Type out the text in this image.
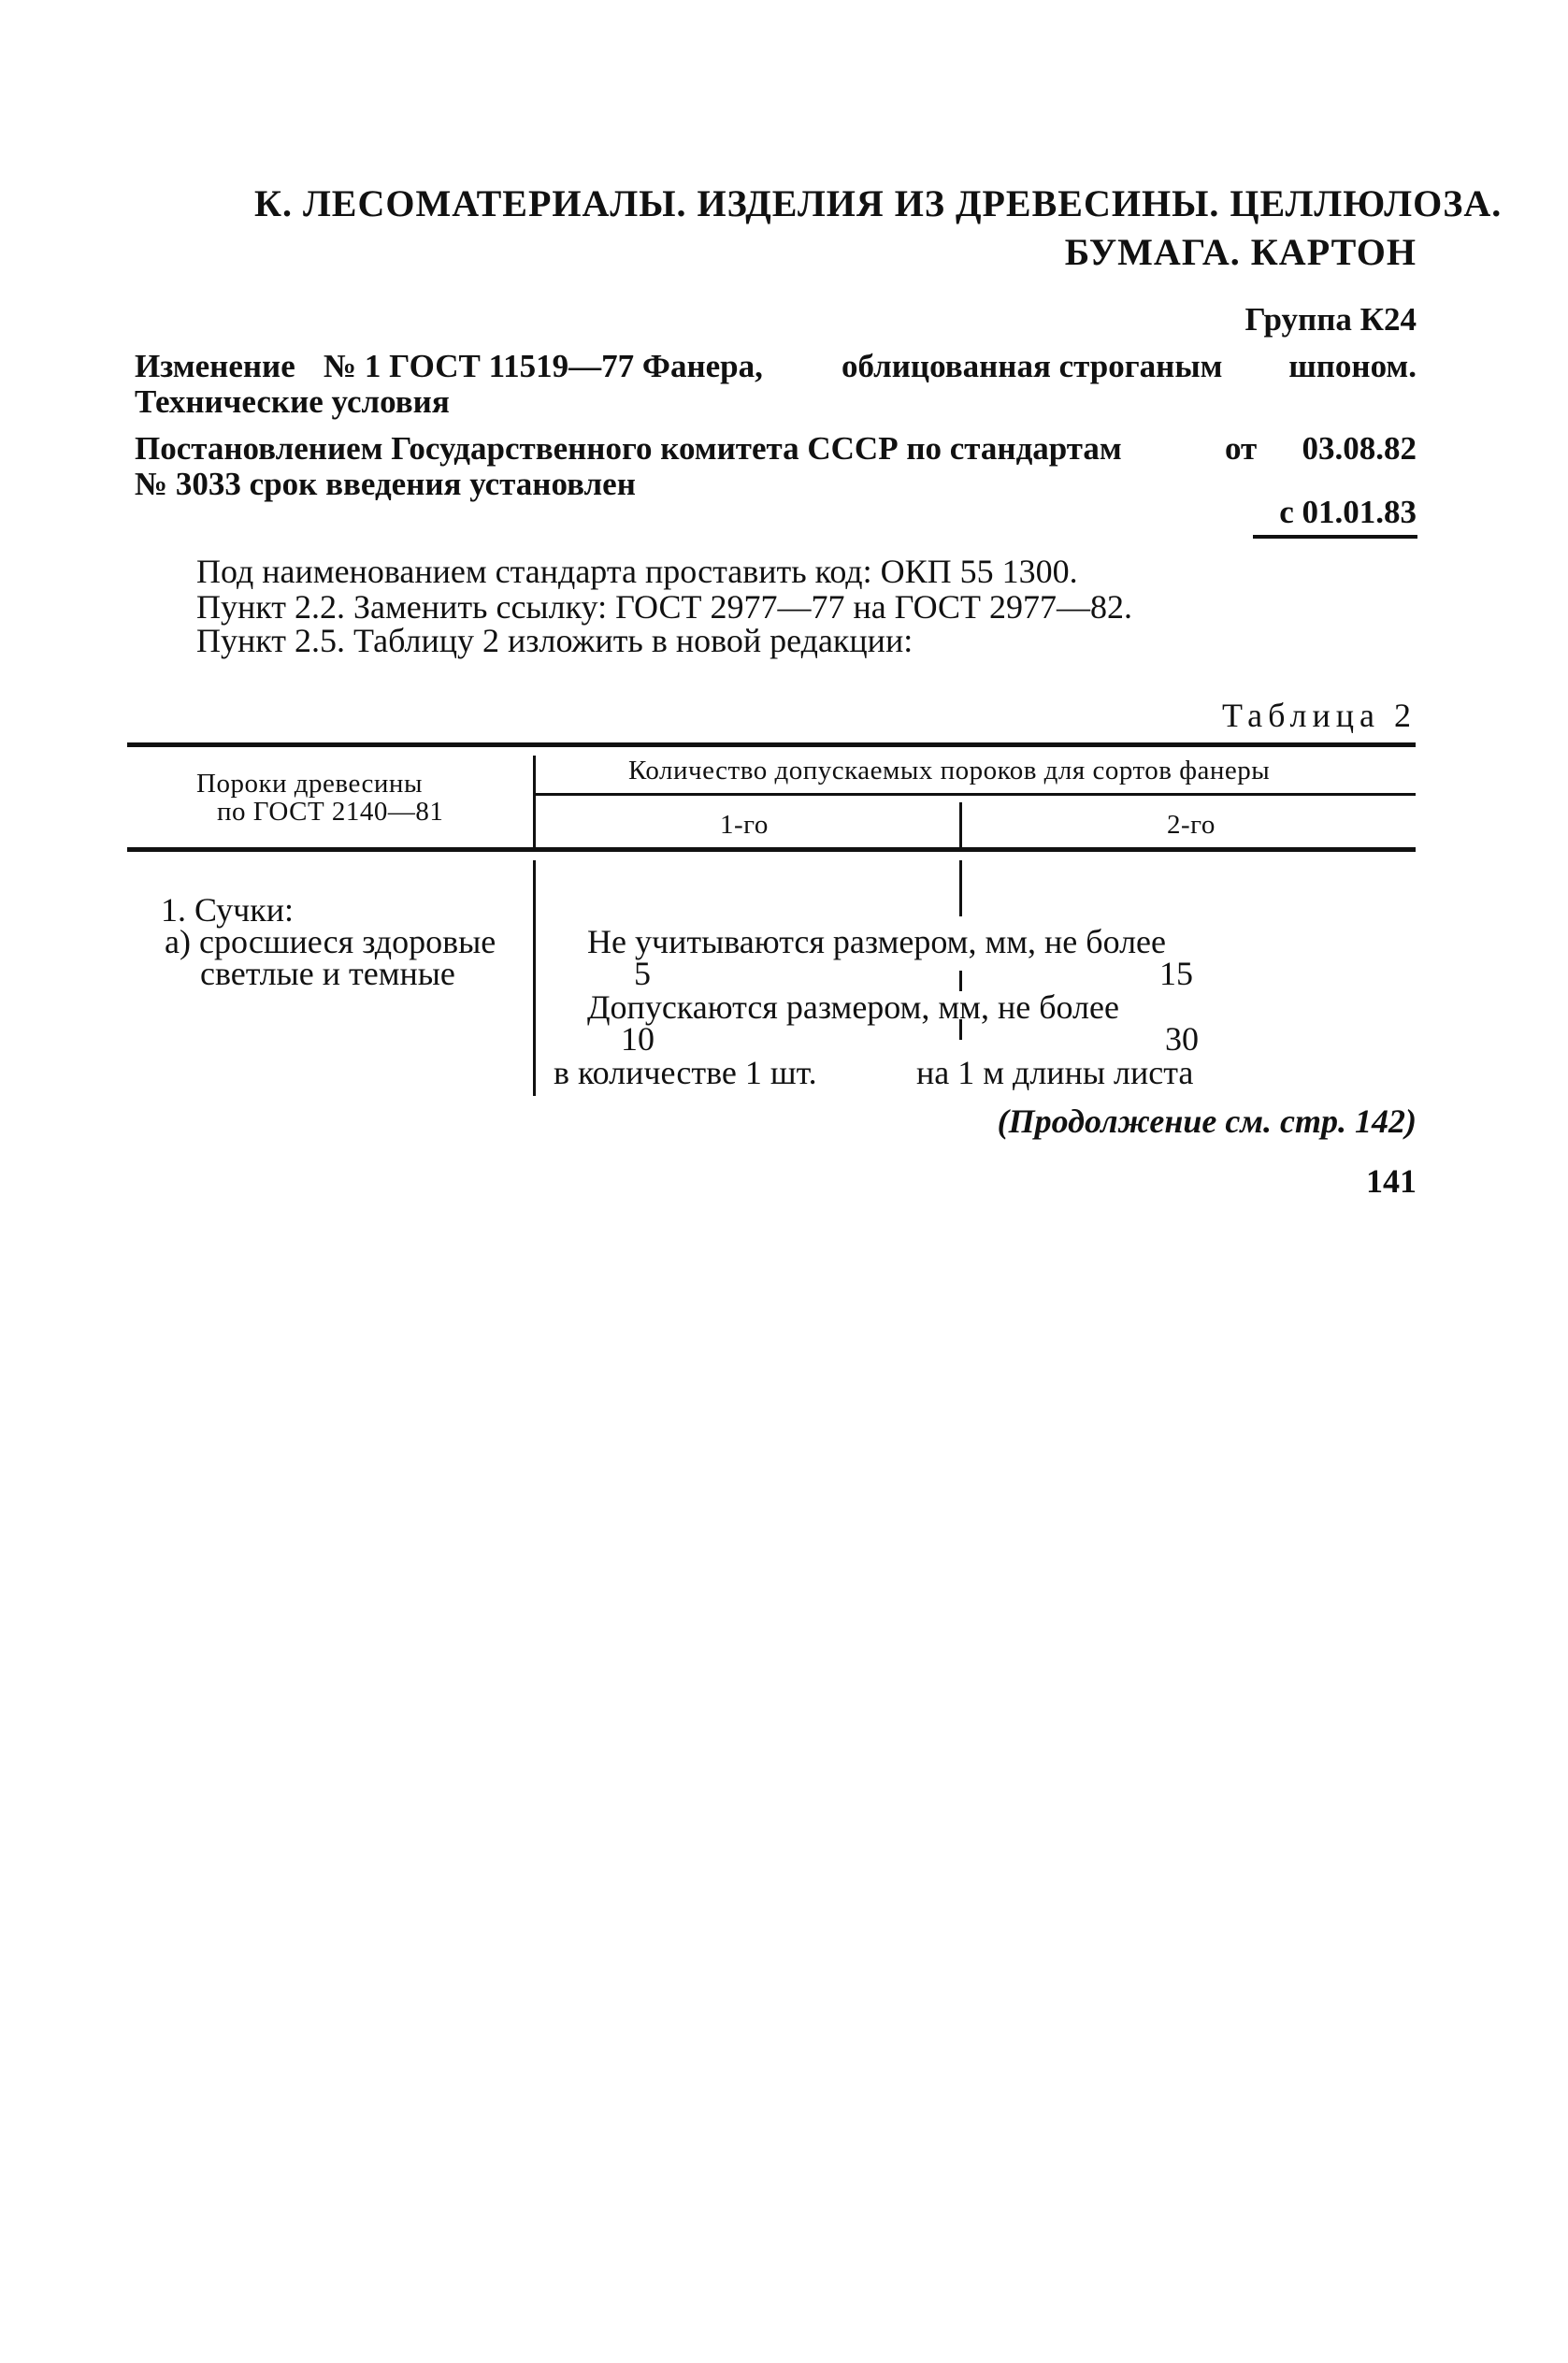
К. ЛЕСОМАТЕРИАЛЫ. ИЗДЕЛИЯ ИЗ ДРЕВЕСИНЫ. ЦЕЛЛЮЛОЗА.
БУМАГА. КАРТОН
Группа К24
Изменение № 1 ГОСТ 11519—77 Фанера, облицованная строганым шпоном.
Технические условия
Постановлением Государственного комитета СССР по стандартам	от 03.08.82
№ 3033 срок введения установлен
с 01.01.83
Под наименованием стандарта проставить код: ОКП 55 1300.
Пункт 2.2. Заменить ссылку: ГОСТ 2977—77 на ГОСТ 2977—82.
Пункт 2.5. Таблицу 2 изложить в новой редакции:
Таблица 2
Пороки древесины
по ГОСТ 2140—81
Количество допускаемых пороков для сортов фанеры
1-го	2-го
1. Сучки:
а) сросшиеся здоровые
светлые и темные
Не учитываются размером, мм, не более
5	15
Допускаются размером, мм, не более
10	30
в количестве 1 шт.	на 1 м длины листа
(Продолжение см. стр. 142)
141
